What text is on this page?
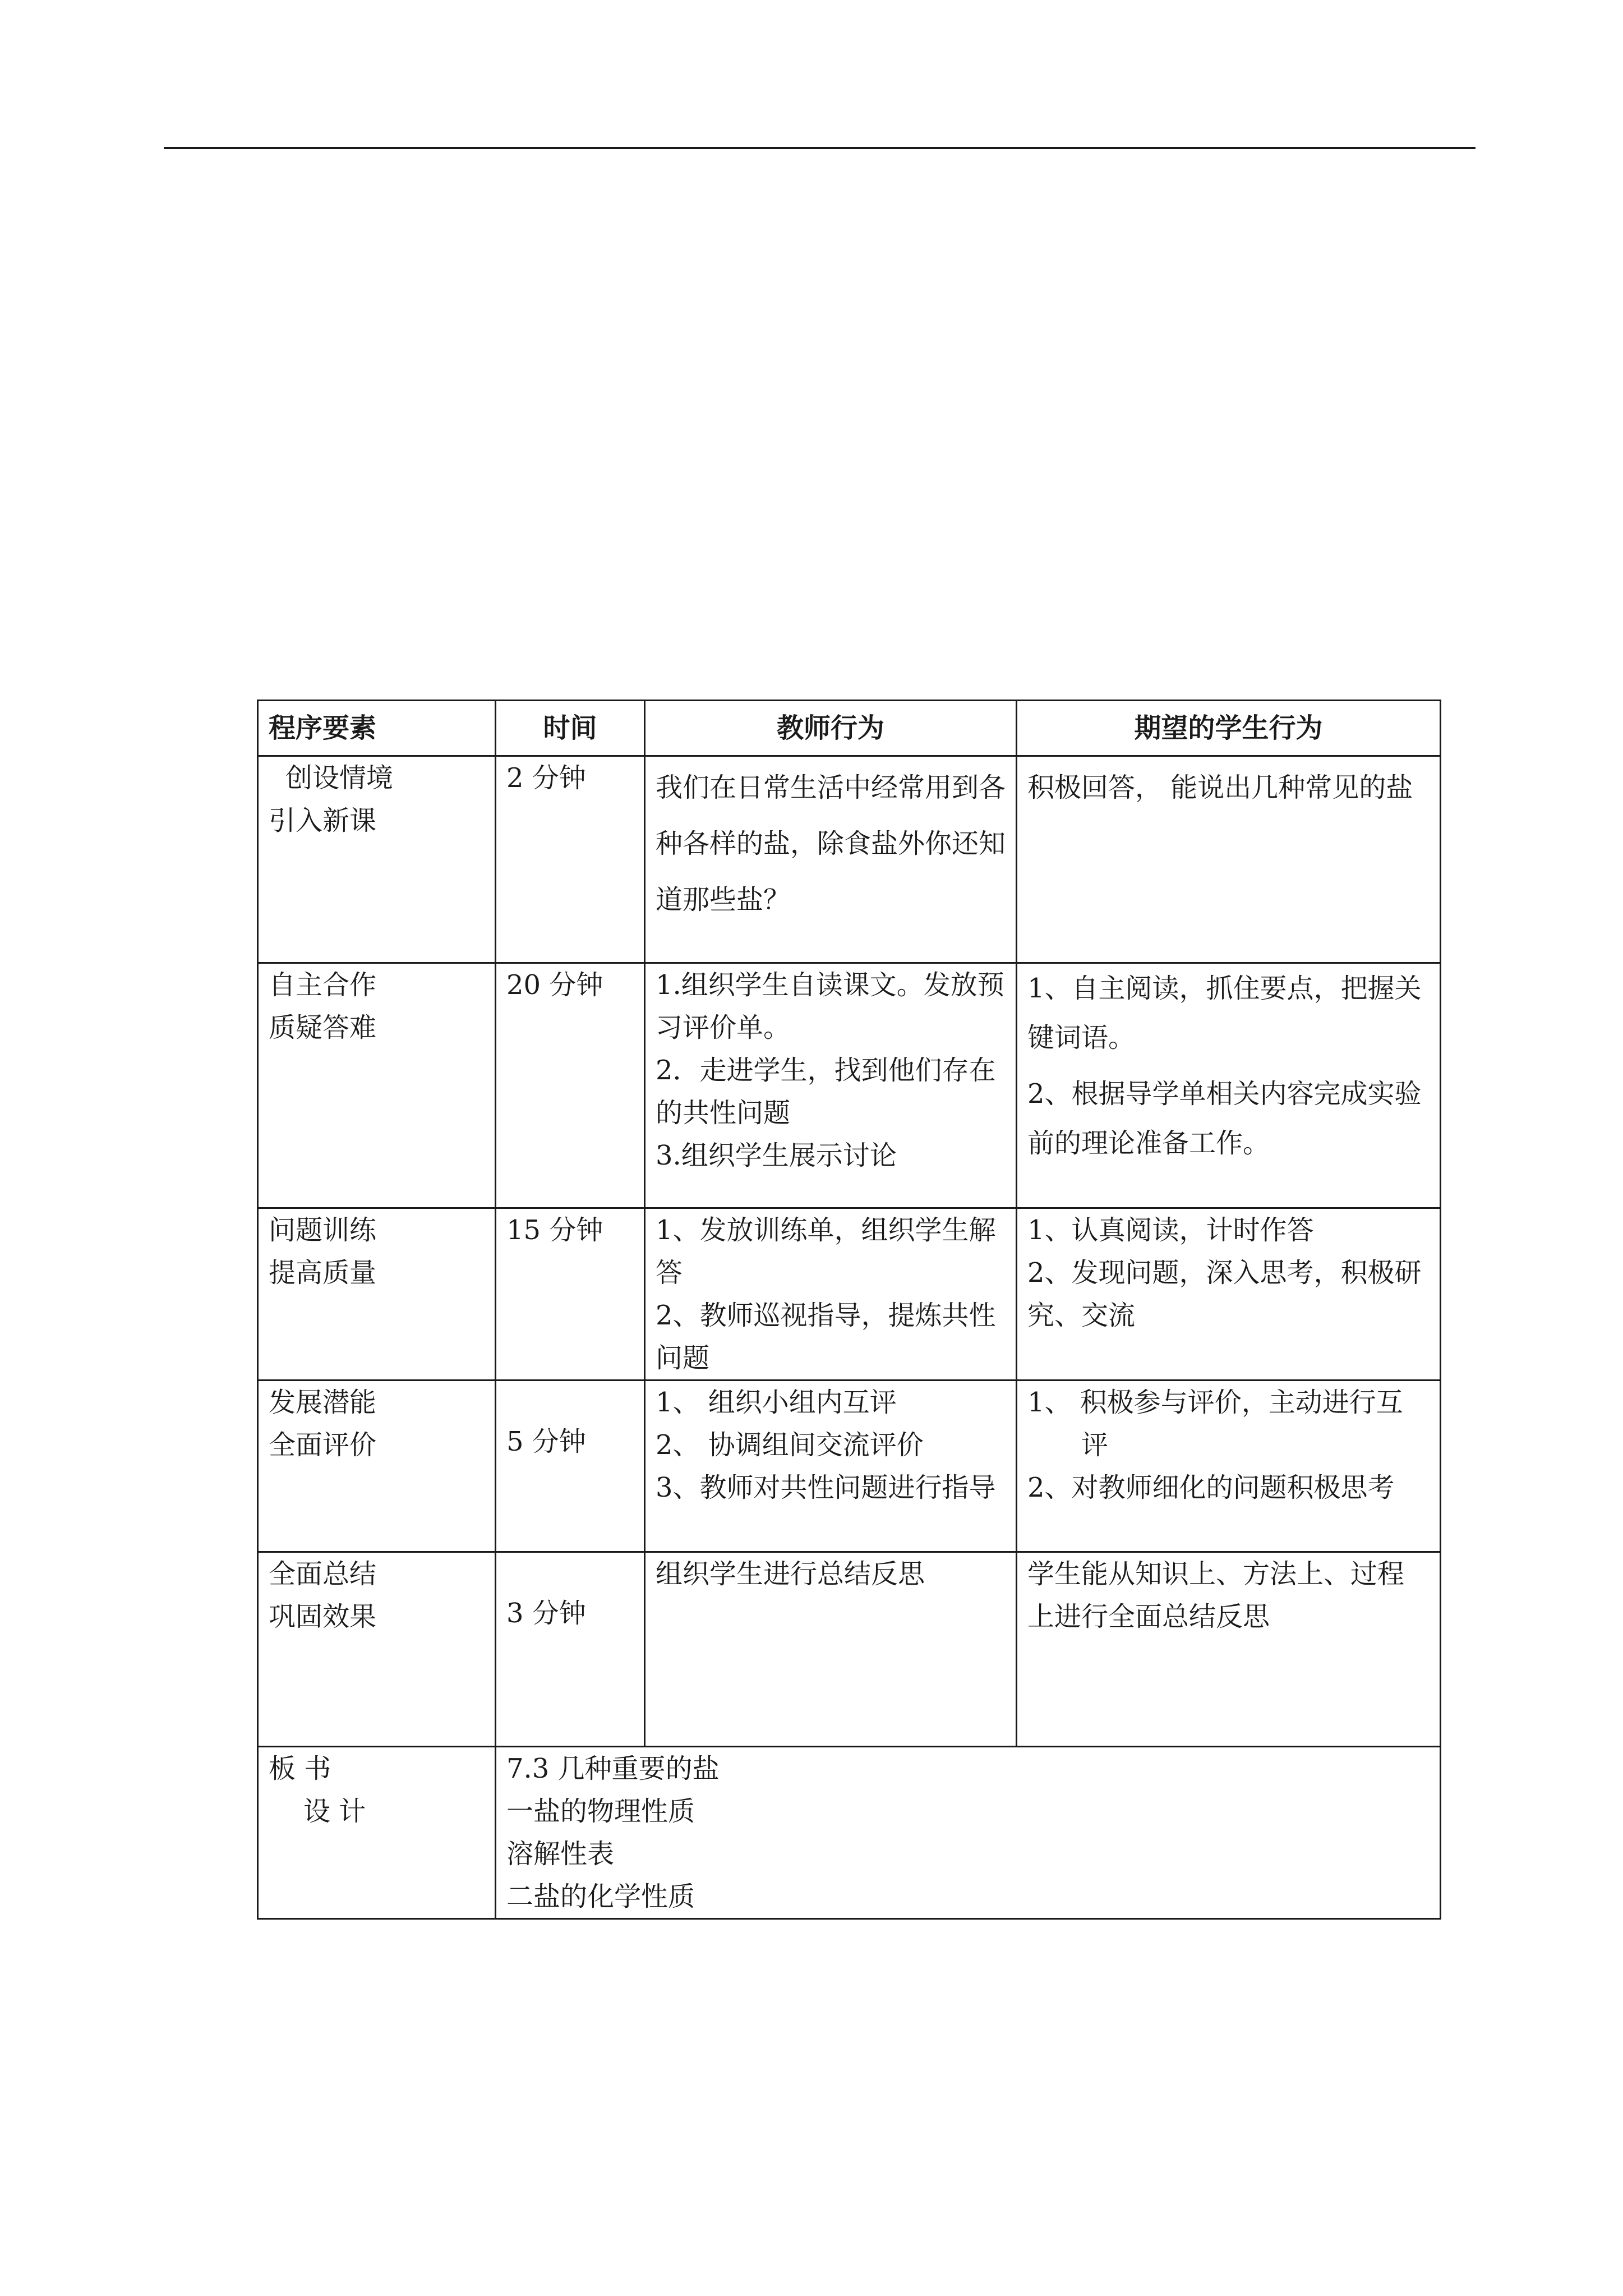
程序要素	时间	教师行为	期望的学生行为

创设情境
引入新课	2 分钟	我们在日常生活中经常用到各种各样的盐，除食盐外你还知道那些盐？	积极回答， 能说出几种常见的盐

自主合作
质疑答难	20 分钟	1.组织学生自读课文。发放预习评价单。
2．走进学生，找到他们存在的共性问题
3.组织学生展示讨论	1、自主阅读，抓住要点，把握关键词语。
2、根据导学单相关内容完成实验前的理论准备工作。

问题训练
提高质量	15 分钟	1、发放训练单，组织学生解答
2、教师巡视指导，提炼共性问题	1、认真阅读，计时作答
2、发现问题，深入思考，积极研究、交流

发展潜能
全面评价	5 分钟	1、 组织小组内互评
2、 协调组间交流评价
3、教师对共性问题进行指导	1、 积极参与评价，主动进行互评
2、对教师细化的问题积极思考

全面总结
巩固效果	3 分钟	组织学生进行总结反思	学生能从知识上、方法上、过程上进行全面总结反思

板 书
设 计	7.3 几种重要的盐
一盐的物理性质
溶解性表
二盐的化学性质		
